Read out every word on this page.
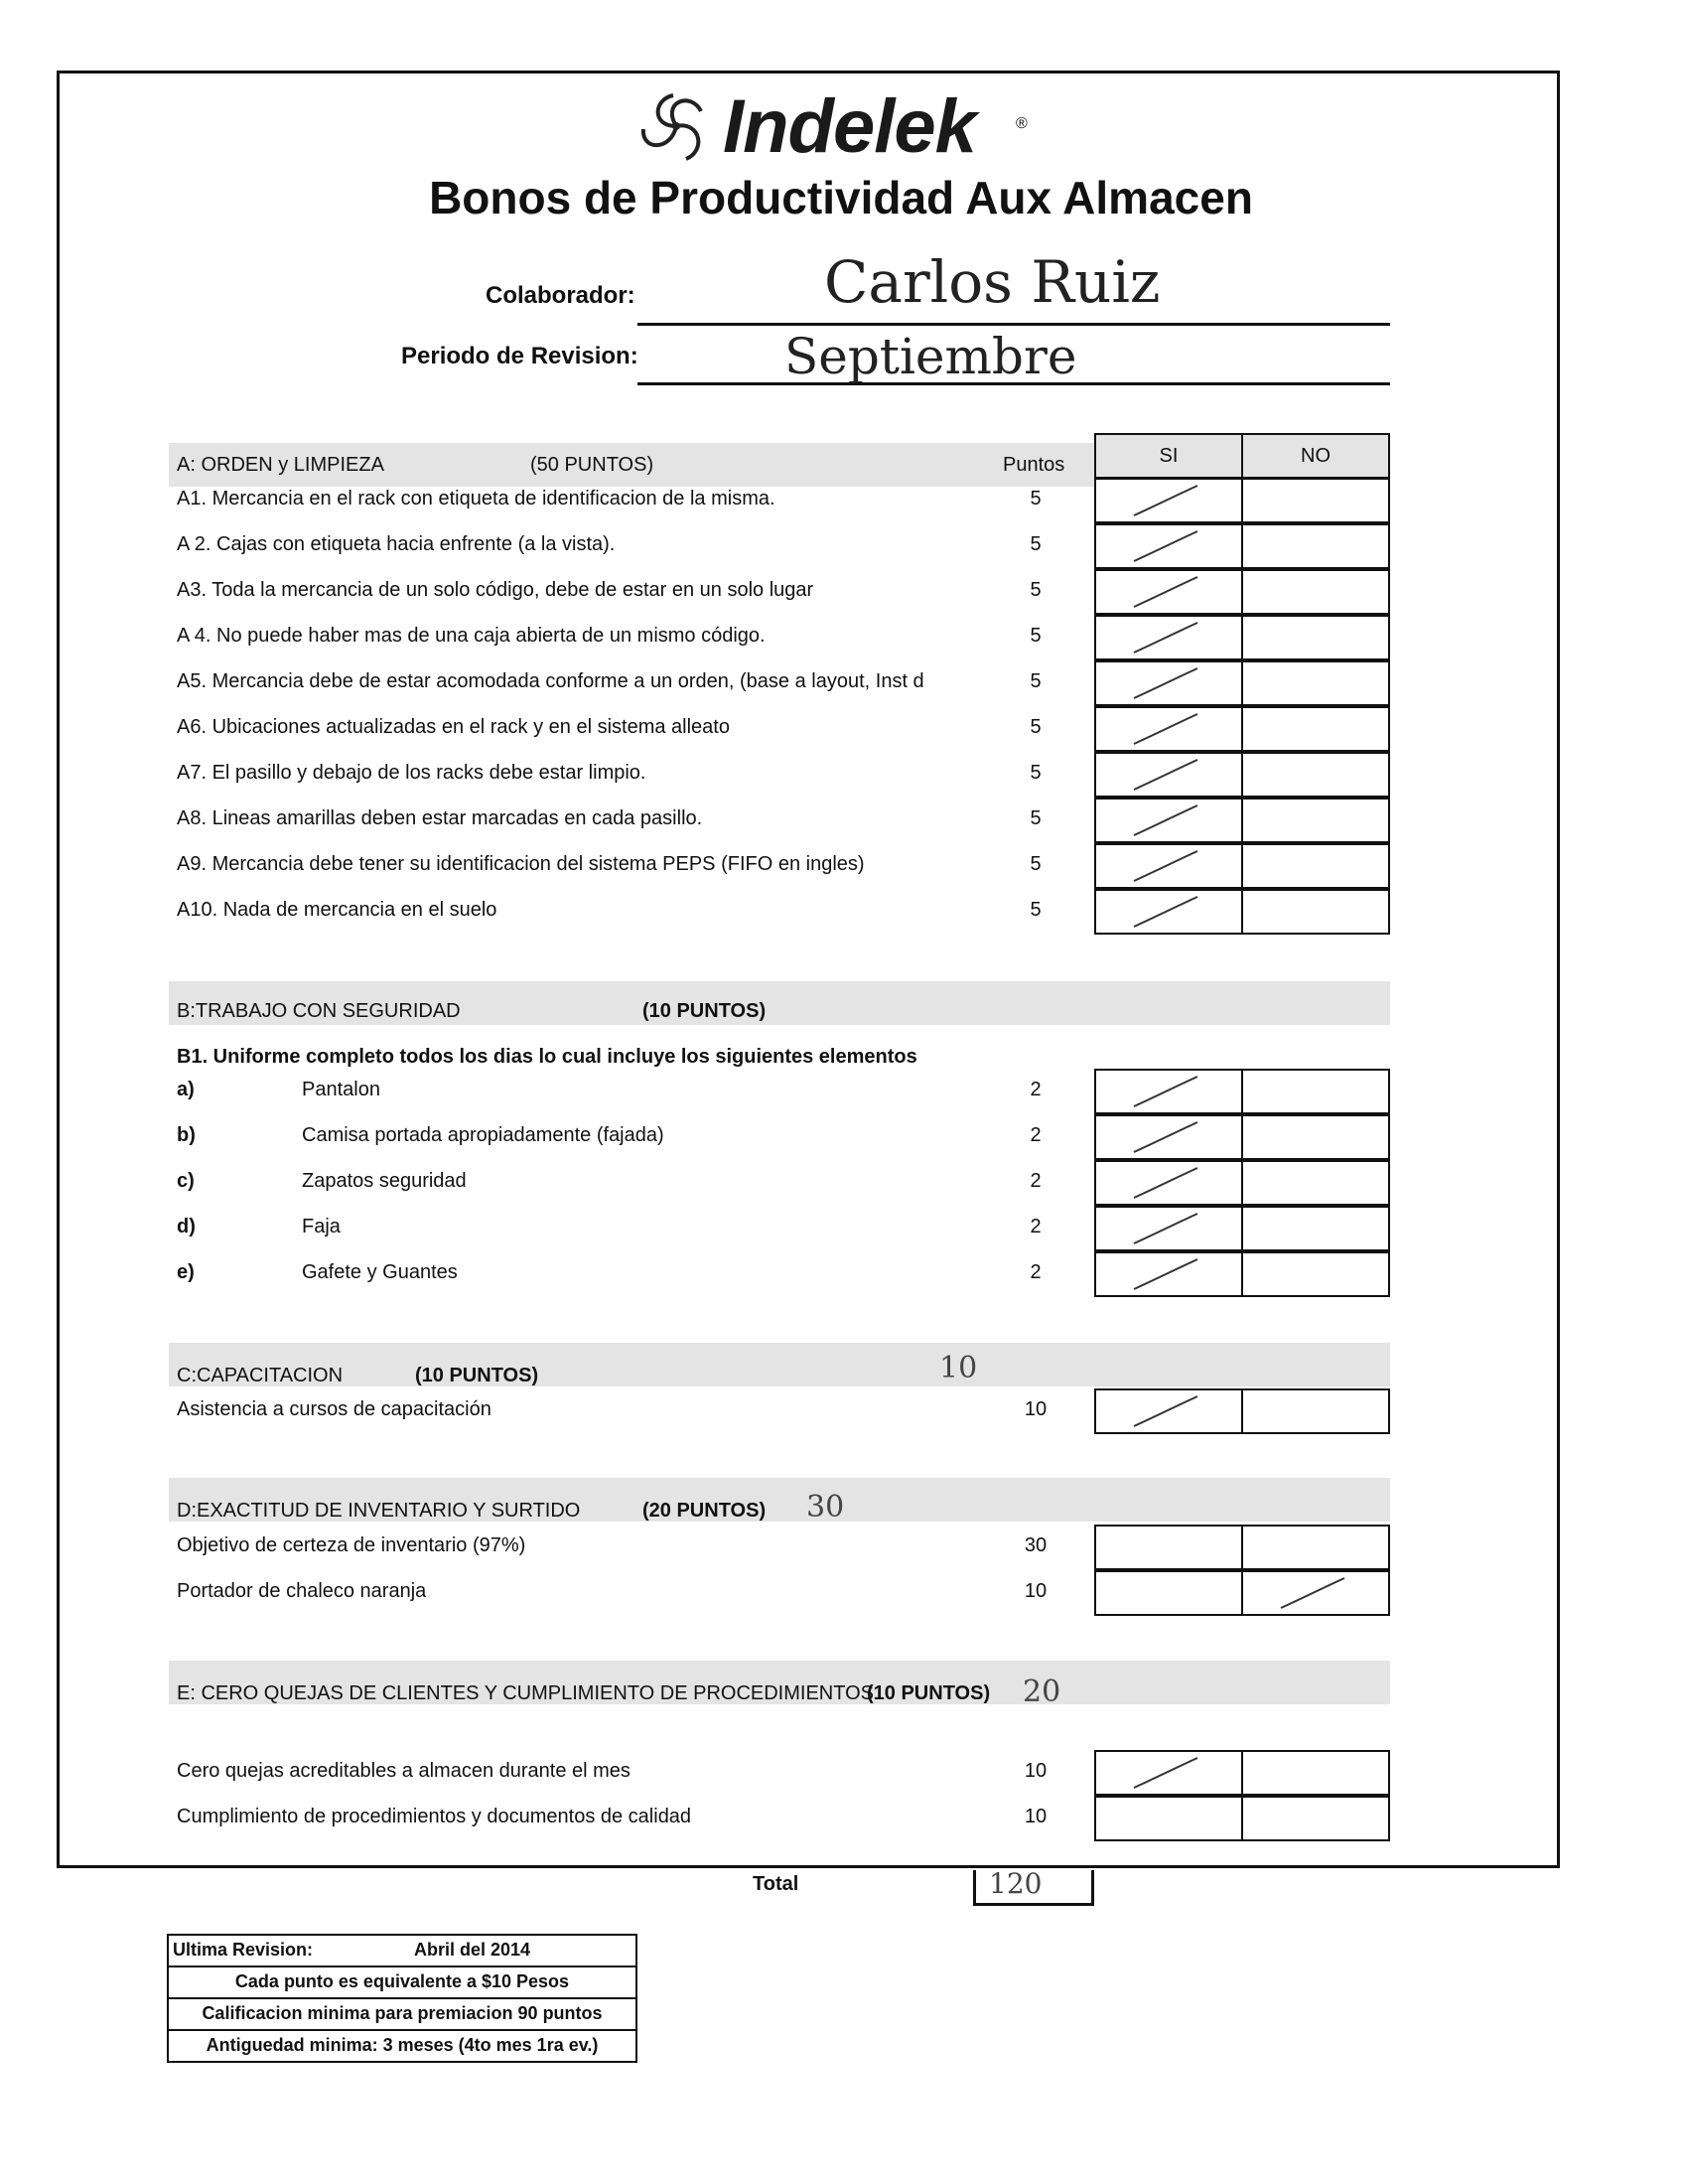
Indelek	®
Bonos de Productividad Aux Almacen
Colaborador:	Carlos Ruiz
Periodo de Revision:	Septiembre
A: ORDEN y LIMPIEZA	(50 PUNTOS)	Puntos	SI	NO
A1. Mercancia en el rack con etiqueta de identificacion de la misma.	5
A 2. Cajas con etiqueta hacia enfrente (a la vista).	5
A3. Toda la mercancia de un solo código, debe de estar en un solo lugar	5
A 4. No puede haber mas de una caja abierta de un mismo código.	5
A5. Mercancia debe de estar acomodada conforme a un orden, (base a layout, Inst d	5
A6. Ubicaciones actualizadas en el rack y en el sistema alleato	5
A7. El pasillo y debajo de los racks debe estar limpio.	5
A8. Lineas amarillas deben estar marcadas en cada pasillo.	5
A9. Mercancia debe tener su identificacion del sistema PEPS (FIFO en ingles)	5
A10. Nada de mercancia en el suelo	5
B:TRABAJO CON SEGURIDAD	(10 PUNTOS)
B1. Uniforme completo todos los dias lo cual incluye los siguientes elementos
a)	Pantalon	2
b)	Camisa portada apropiadamente (fajada)	2
c)	Zapatos seguridad	2
d)	Faja	2
e)	Gafete y Guantes	2
C:CAPACITACION	(10 PUNTOS)	10
Asistencia a cursos de capacitación	10
D:EXACTITUD DE INVENTARIO Y SURTIDO	(20 PUNTOS) 30
Objetivo de certeza de inventario (97%)	30
Portador de chaleco naranja	10
E: CERO QUEJAS DE CLIENTES Y CUMPLIMIENTO DE PROCEDIMIENTOS
(10 PUNTOS) 20
Cero quejas acreditables a almacen durante el mes	10
Cumplimiento de procedimientos y documentos de calidad	10
Total	120
Ultima Revision:	Abril del 2014
Cada punto es equivalente a $10 Pesos
Calificacion minima para premiacion 90 puntos
Antiguedad minima: 3 meses (4to mes 1ra ev.)
